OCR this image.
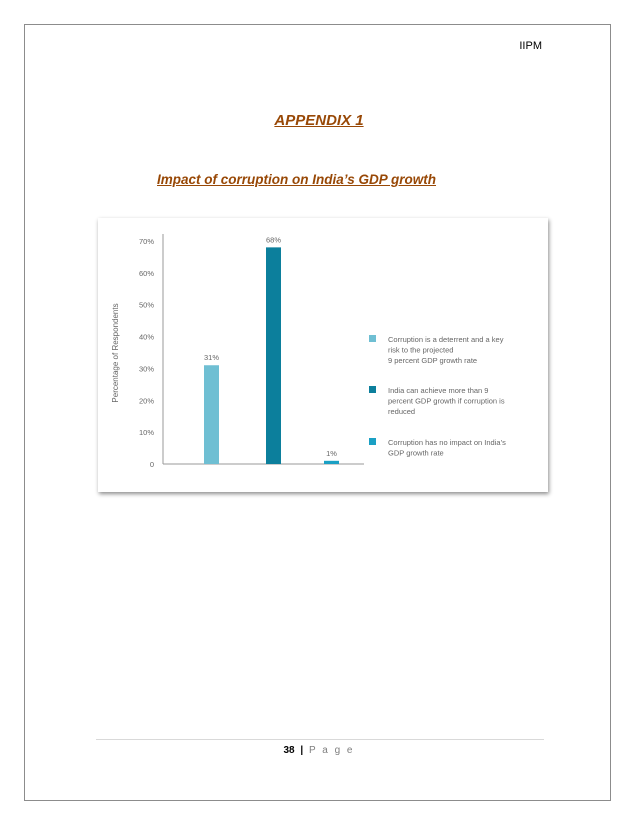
IIPM
APPENDIX 1
Impact of corruption on India’s GDP growth
0
10%
20%
30%
40%
50%
60%
70%
Percentage of Respondents	31%
68%
1%
Corruption is a deterrent and a key
risk to the projected
9 percent GDP growth rate
India can achieve more than 9
percent GDP growth if corruption is
reduced
Corruption has no impact on India’s
GDP growth rate
38 | P a g e
